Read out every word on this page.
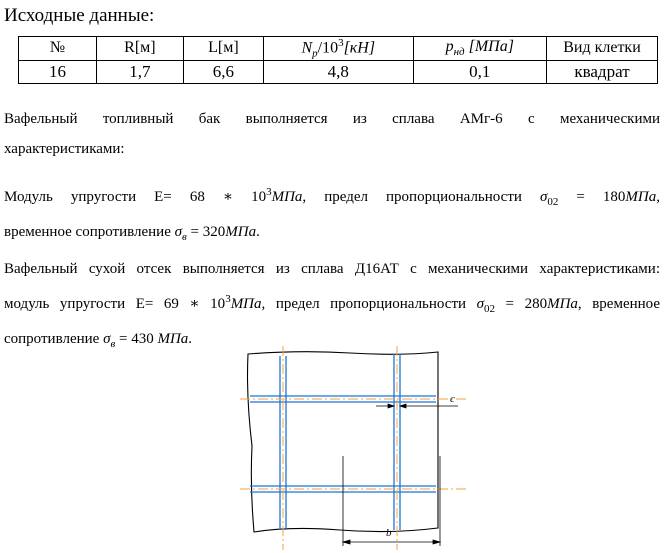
Исходные данные:
№	R[м]	L[м]	$N_р/10^3[кН]$	$p_{нд}$ [МПа]	Вид клетки
16	1,7	6,6	4,8	0,1	квадрат
Вафельный топливный бак выполняется из сплава АМг-6 с механическими
характеристиками:
Модуль упругости Е= 68 ∗ $10^3МПа$, предел пропорциональности $\sigma_{02} = 180МПа$,
временное сопротивление $\sigma_в = 320МПа$.
Вафельный сухой отсек выполняется из сплава Д16АТ с механическими характеристиками:
модуль упругости Е= 69 ∗ $10^3МПа$, предел пропорциональности $\sigma_{02} = 280МПа$, временное
сопротивление $\sigma_в = 430$ МПа.
c
b
